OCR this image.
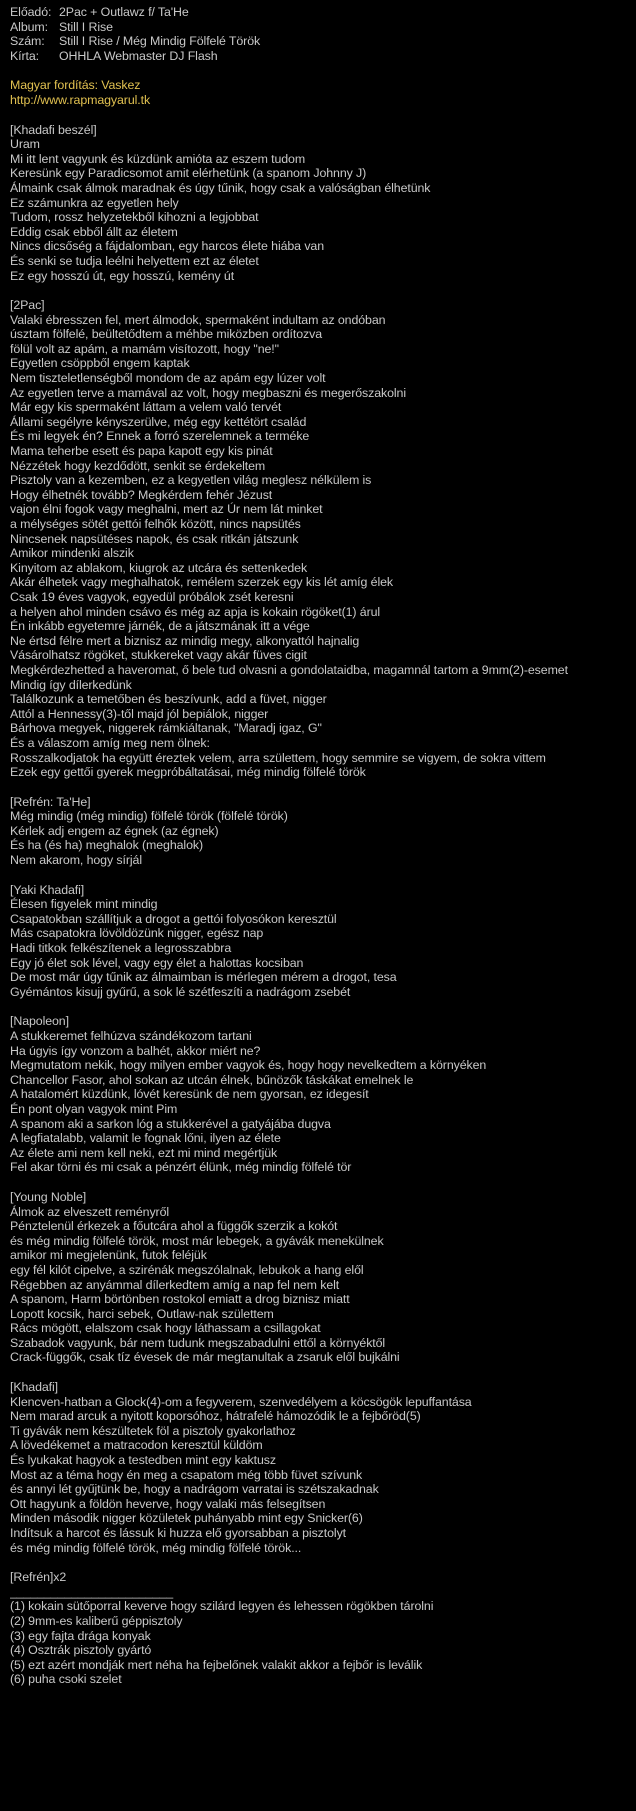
Előadó: 2Pac + Outlawz f/ Ta'He
Album: Still I Rise
Szám:	Still I Rise / Még Mindig Fölfelé Török
Kírta:	OHHLA Webmaster DJ Flash
Magyar fordítás: Vaskez
http://www.rapmagyarul.tk
[Khadafi beszél]
Uram
Mi itt lent vagyunk és küzdünk amióta az eszem tudom
Keresünk egy Paradicsomot amit elérhetünk (a spanom Johnny J)
Álmaink csak álmok maradnak és úgy tűnik, hogy csak a valóságban élhetünk
Ez számunkra az egyetlen hely
Tudom, rossz helyzetekből kihozni a legjobbat
Eddig csak ebből állt az életem
Nincs dicsőség a fájdalomban, egy harcos élete hiába van
És senki se tudja leélni helyettem ezt az életet
Ez egy hosszú út, egy hosszú, kemény út
[2Pac]
Valaki ébresszen fel, mert álmodok, spermaként indultam az ondóban
úsztam fölfelé, beültetődtem a méhbe miközben ordítozva
fölül volt az apám, a mamám visítozott, hogy "ne!"
Egyetlen csöppből engem kaptak
Nem tiszteletlenségből mondom de az apám egy lúzer volt
Az egyetlen terve a mamával az volt, hogy megbaszni és megerőszakolni
Már egy kis spermaként láttam a velem való tervét
Állami segélyre kényszerülve, még egy kettétört család
És mi legyek én? Ennek a forró szerelemnek a terméke
Mama teherbe esett és papa kapott egy kis pinát
Nézzétek hogy kezdődött, senkit se érdekeltem
Pisztoly van a kezemben, ez a kegyetlen világ meglesz nélkülem is
Hogy élhetnék tovább? Megkérdem fehér Jézust
vajon élni fogok vagy meghalni, mert az Úr nem lát minket
a mélységes sötét gettói felhők között, nincs napsütés
Nincsenek napsütéses napok, és csak ritkán játszunk
Amikor mindenki alszik
Kinyitom az ablakom, kiugrok az utcára és settenkedek
Akár élhetek vagy meghalhatok, remélem szerzek egy kis lét amíg élek
Csak 19 éves vagyok, egyedül próbálok zsét keresni
a helyen ahol minden csávo és még az apja is kokain rögöket(1) árul
Én inkább egyetemre járnék, de a játszmának itt a vége
Ne értsd félre mert a biznisz az mindig megy, alkonyattól hajnalig
Vásárolhatsz rögöket, stukkereket vagy akár füves cigit
Megkérdezhetted a haveromat, ő bele tud olvasni a gondolataidba, magamnál tartom a 9mm(2)-esemet
Mindig így dílerkedünk
Találkozunk a temetőben és beszívunk, add a füvet, nigger
Attól a Hennessy(3)-től majd jól bepiálok, nigger
Bárhova megyek, niggerek rámkiáltanak, "Maradj igaz, G"
És a válaszom amíg meg nem ölnek:
Rosszalkodjatok ha együtt éreztek velem, arra születtem, hogy semmire se vigyem, de sokra vittem
Ezek egy gettői gyerek megpróbáltatásai, még mindig fölfelé török
[Refrén: Ta'He]
Még mindig (még mindig) fölfelé török (fölfelé török)
Kérlek adj engem az égnek (az égnek)
És ha (és ha) meghalok (meghalok)
Nem akarom, hogy sírjál
[Yaki Khadafi]
Élesen figyelek mint mindig
Csapatokban szállítjuk a drogot a gettói folyosókon keresztül
Más csapatokra lövöldözünk nigger, egész nap
Hadi titkok felkészítenek a legrosszabbra
Egy jó élet sok lével, vagy egy élet a halottas kocsiban
De most már úgy tűnik az álmaimban is mérlegen mérem a drogot, tesa
Gyémántos kisujj gyűrű, a sok lé szétfeszíti a nadrágom zsebét
[Napoleon]
A stukkeremet felhúzva szándékozom tartani
Ha úgyis így vonzom a balhét, akkor miért ne?
Megmutatom nekik, hogy milyen ember vagyok és, hogy hogy nevelkedtem a környéken
Chancellor Fasor, ahol sokan az utcán élnek, bűnözők táskákat emelnek le
A hatalomért küzdünk, lóvét keresünk de nem gyorsan, ez idegesít
Én pont olyan vagyok mint Pim
A spanom aki a sarkon lóg a stukkerével a gatyájába dugva
A legfiatalabb, valamit le fognak lőni, ilyen az élete
Az élete ami nem kell neki, ezt mi mind megértjük
Fel akar törni és mi csak a pénzért élünk, még mindig fölfelé tör
[Young Noble]
Álmok az elveszett reményről
Pénztelenül érkezek a főutcára ahol a függők szerzik a kokót
és még mindig fölfelé török, most már lebegek, a gyávák menekülnek
amikor mi megjelenünk, futok feléjük
egy fél kilót cipelve, a szirénák megszólalnak, lebukok a hang elől
Régebben az anyámmal dílerkedtem amíg a nap fel nem kelt
A spanom, Harm börtönben rostokol emiatt a drog biznisz miatt
Lopott kocsik, harci sebek, Outlaw-nak születtem
Rács mögött, elalszom csak hogy láthassam a csillagokat
Szabadok vagyunk, bár nem tudunk megszabadulni ettől a környéktől
Crack-függők, csak tíz évesek de már megtanultak a zsaruk elől bujkálni
[Khadafi]
Klencven-hatban a Glock(4)-om a fegyverem, szenvedélyem a köcsögök lepuffantása
Nem marad arcuk a nyitott koporsóhoz, hátrafelé hámozódik le a fejbőröd(5)
Ti gyávák nem készültetek föl a pisztoly gyakorlathoz
A lövedékemet a matracodon keresztül küldöm
És lyukakat hagyok a testedben mint egy kaktusz
Most az a téma hogy én meg a csapatom még több füvet szívunk
és annyi lét gyűjtünk be, hogy a nadrágom varratai is szétszakadnak
Ott hagyunk a földön heverve, hogy valaki más felsegítsen
Minden második nigger közületek puhányabb mint egy Snicker(6)
Indítsuk a harcot és lássuk ki huzza elő gyorsabban a pisztolyt
és még mindig fölfelé török, még mindig fölfelé török...
[Refrén]x2
________________________
(1) kokain sütőporral keverve hogy szilárd legyen és lehessen rögökben tárolni
(2) 9mm-es kaliberű géppisztoly
(3) egy fajta drága konyak
(4) Osztrák pisztoly gyártó
(5) ezt azért mondják mert néha ha fejbelőnek valakit akkor a fejbőr is leválik
(6) puha csoki szelet
